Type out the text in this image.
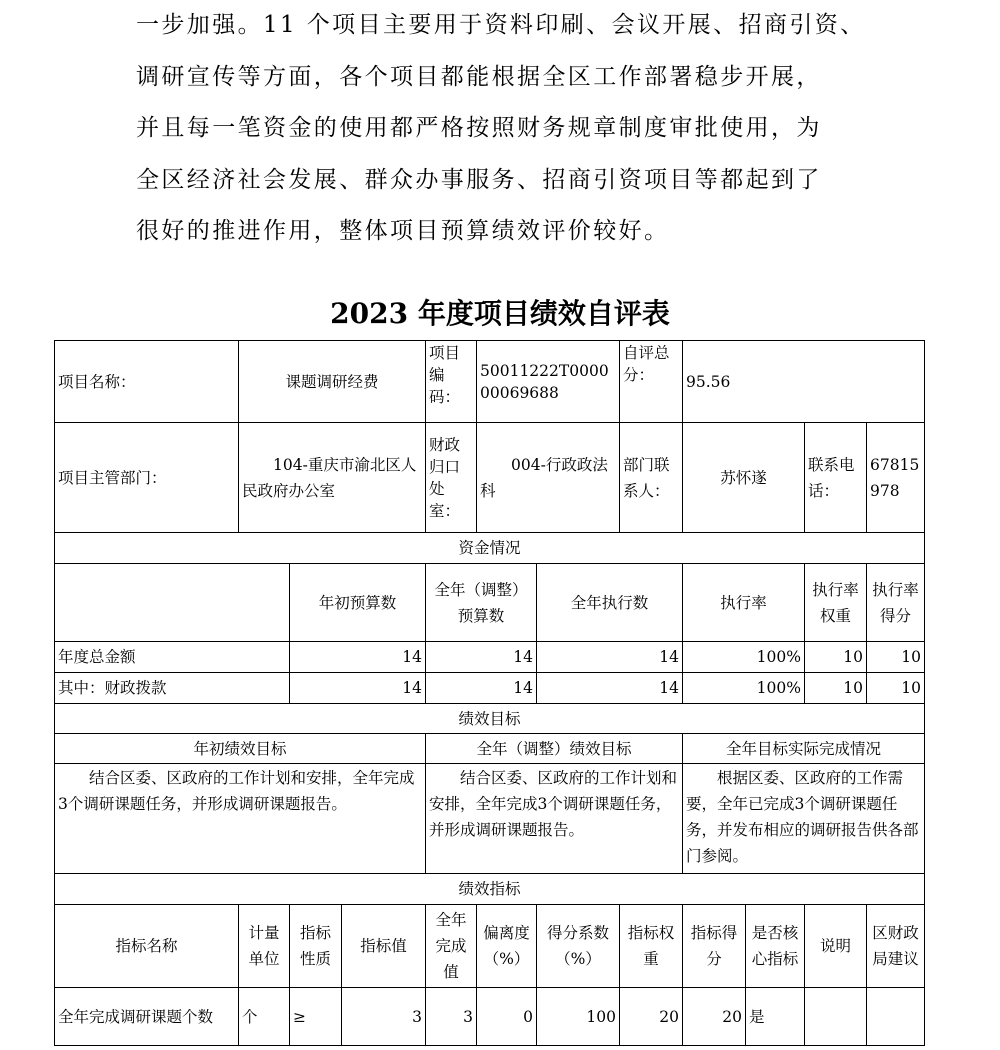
一步加强。11 个项目主要用于资料印刷、会议开展、招商引资、
调研宣传等方面，各个项目都能根据全区工作部署稳步开展，
并且每一笔资金的使用都严格按照财务规章制度审批使用，为
全区经济社会发展、群众办事服务、招商引资项目等都起到了
很好的推进作用，整体项目预算绩效评价较好。
2023 年度项目绩效自评表
项目名称：	课题调研经费			项目编码：	50011222T000000069688		自评总分：	95.56			
项目主管部门：	104-重庆市渝北区人民政府办公室			财政归口处室：	004-行政政法科		部门联系人：	苏怀遂		联系电话：	67815978
资金情况											
		年初预算数		全年（调整）预算数		全年执行数		执行率		执行率权重	执行率得分
年度总金额		14		14		14		100%		10	10
其中：财政拨款		14		14		14		100%		10	10
绩效目标											
年初绩效目标				全年（调整）绩效目标				全年目标实际完成情况			
结合区委、区政府的工作计划和安排，全年完成3个调研课题任务，并形成调研课题报告。				结合区委、区政府的工作计划和安排，全年完成3个调研课题任务，并形成调研课题报告。				根据区委、区政府的工作需要，全年已完成3个调研课题任务，并发布相应的调研报告供各部门参阅。			
绩效指标											
指标名称	计量单位	指标性质	指标值	全年完成值	偏离度（%）	得分系数（%）	指标权重	指标得分	是否核心指标	说明	区财政局建议
全年完成调研课题个数	个	≥	3	3	0	100	20	20	是		
